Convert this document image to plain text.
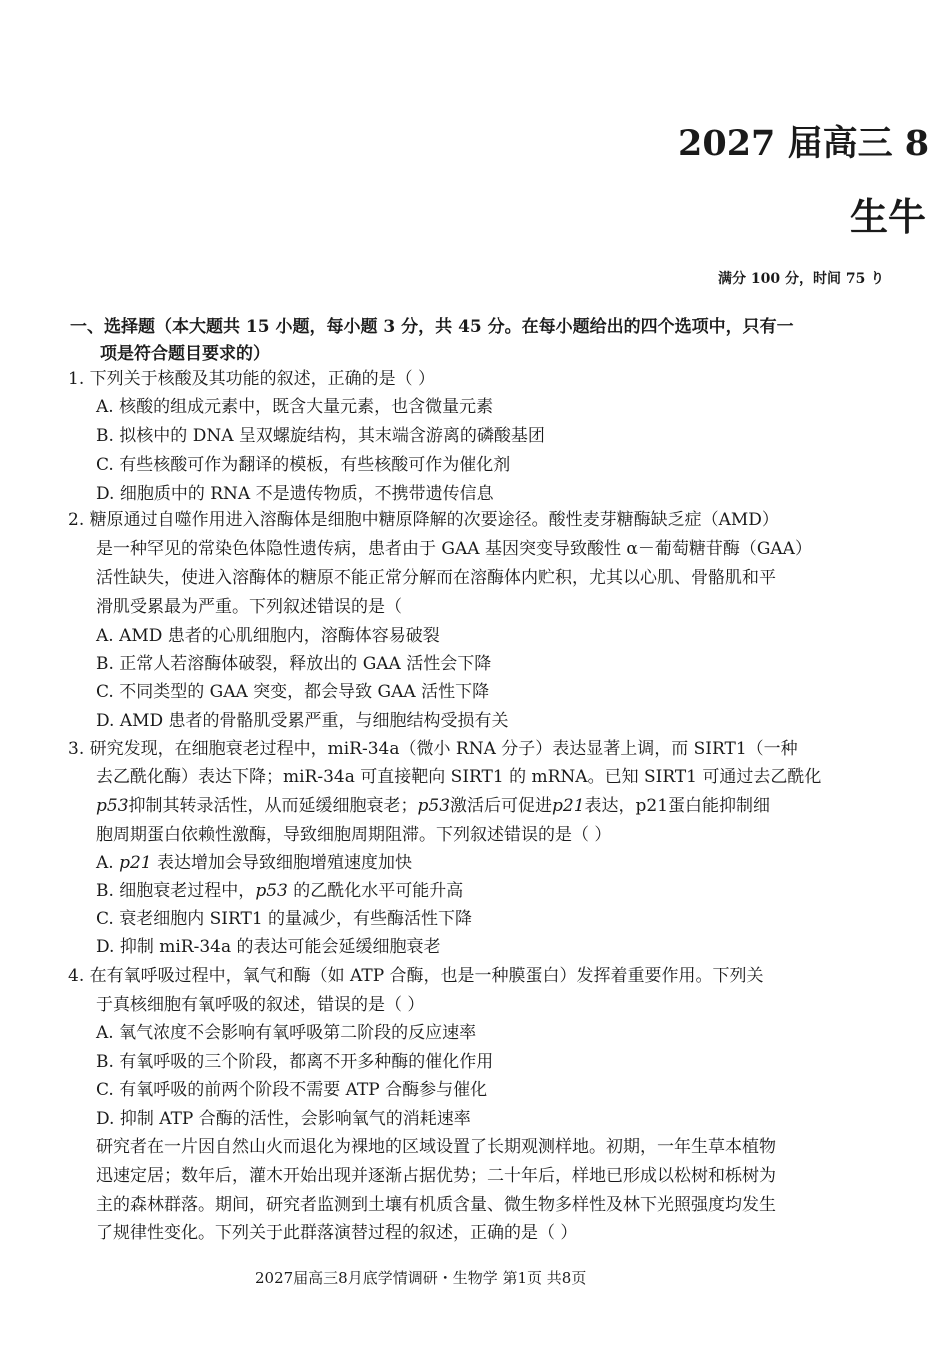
2027 届高三 8
生牛
满分 100 分，时间 75 り
一、选择题（本大题共 15 小题，每小题 3 分，共 45 分。在每小题给出的四个选项中，只有一
项是符合题目要求的）
1. 下列关于核酸及其功能的叙述，正确的是（ ）
A. 核酸的组成元素中，既含大量元素，也含微量元素
B. 拟核中的 DNA 呈双螺旋结构，其末端含游离的磷酸基团
C. 有些核酸可作为翻译的模板，有些核酸可作为催化剂
D. 细胞质中的 RNA 不是遗传物质，不携带遗传信息
2. 糖原通过自噬作用进入溶酶体是细胞中糖原降解的次要途径。酸性麦芽糖酶缺乏症（AMD）
是一种罕见的常染色体隐性遗传病，患者由于 GAA 基因突变导致酸性 α－葡萄糖苷酶（GAA）
活性缺失，使进入溶酶体的糖原不能正常分解而在溶酶体内贮积，尤其以心肌、骨骼肌和平
滑肌受累最为严重。下列叙述错误的是（
A. AMD 患者的心肌细胞内，溶酶体容易破裂
B. 正常人若溶酶体破裂，释放出的 GAA 活性会下降
C. 不同类型的 GAA 突变，都会导致 GAA 活性下降
D. AMD 患者的骨骼肌受累严重，与细胞结构受损有关
3. 研究发现，在细胞衰老过程中，miR-34a（微小 RNA 分子）表达显著上调，而 SIRT1（一种
去乙酰化酶）表达下降；miR-34a 可直接靶向 SIRT1 的 mRNA。已知 SIRT1 可通过去乙酰化
p53抑制其转录活性，从而延缓细胞衰老；p53激活后可促进p21表达，p21蛋白能抑制细
胞周期蛋白依赖性激酶，导致细胞周期阻滞。下列叙述错误的是（ ）
A. p21 表达增加会导致细胞增殖速度加快
B. 细胞衰老过程中，p53 的乙酰化水平可能升高
C. 衰老细胞内 SIRT1 的量减少，有些酶活性下降
D. 抑制 miR-34a 的表达可能会延缓细胞衰老
4. 在有氧呼吸过程中，氧气和酶（如 ATP 合酶，也是一种膜蛋白）发挥着重要作用。下列关
于真核细胞有氧呼吸的叙述，错误的是（ ）
A. 氧气浓度不会影响有氧呼吸第二阶段的反应速率
B. 有氧呼吸的三个阶段，都离不开多种酶的催化作用
C. 有氧呼吸的前两个阶段不需要 ATP 合酶参与催化
D. 抑制 ATP 合酶的活性，会影响氧气的消耗速率
研究者在一片因自然山火而退化为裸地的区域设置了长期观测样地。初期，一年生草本植物
迅速定居；数年后，灌木开始出现并逐渐占据优势；二十年后，样地已形成以松树和栎树为
主的森林群落。期间，研究者监测到土壤有机质含量、微生物多样性及林下光照强度均发生
了规律性变化。下列关于此群落演替过程的叙述，正确的是（ ）
2027届高三8月底学情调研・生物学 第1页 共8页
